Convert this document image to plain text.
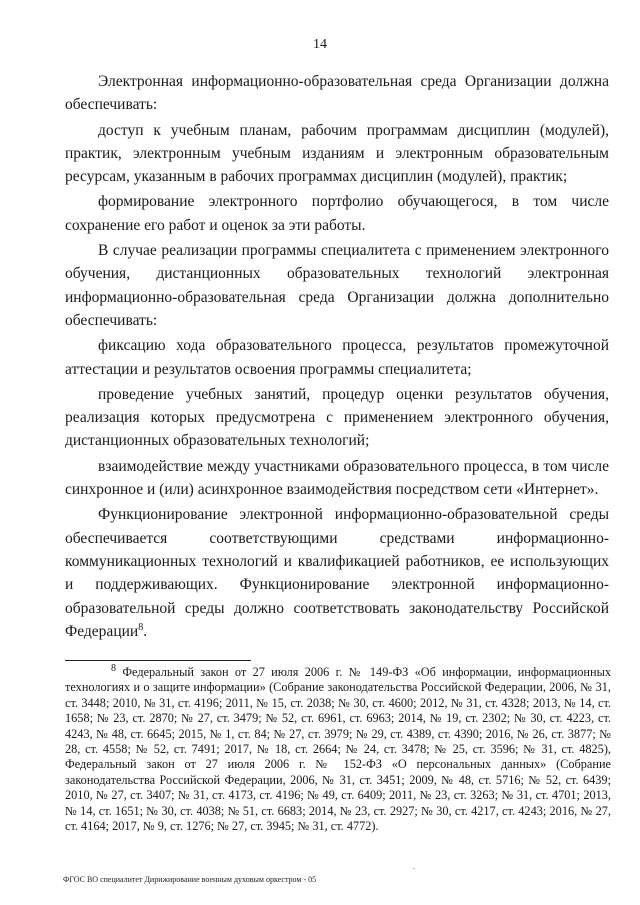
14

Электронная информационно-образовательная среда Организации должна обеспечивать:

доступ к учебным планам, рабочим программам дисциплин (модулей), практик, электронным учебным изданиям и электронным образовательным ресурсам, указанным в рабочих программах дисциплин (модулей), практик;

формирование электронного портфолио обучающегося, в том числе сохранение его работ и оценок за эти работы.

В случае реализации программы специалитета с применением электронного обучения, дистанционных образовательных технологий электронная информационно-образовательная среда Организации должна дополнительно обеспечивать:

фиксацию хода образовательного процесса, результатов промежуточной аттестации и результатов освоения программы специалитета;

проведение учебных занятий, процедур оценки результатов обучения, реализация которых предусмотрена с применением электронного обучения, дистанционных образовательных технологий;

взаимодействие между участниками образовательного процесса, в том числе синхронное и (или) асинхронное взаимодействия посредством сети «Интернет».

Функционирование электронной информационно-образовательной среды обеспечивается соответствующими средствами информационно-коммуникационных технологий и квалификацией работников, ее использующих и поддерживающих. Функционирование электронной информационно-образовательной среды должно соответствовать законодательству Российской Федерации$^8$.

$^8$ Федеральный закон от 27 июля 2006 г. № 149-ФЗ «Об информации, информационных технологиях и о защите информации» (Собрание законодательства Российской Федерации, 2006, № 31, ст. 3448; 2010, № 31, ст. 4196; 2011, № 15, ст. 2038; № 30, ст. 4600; 2012, № 31, ст. 4328; 2013, № 14, ст. 1658; № 23, ст. 2870; № 27, ст. 3479; № 52, ст. 6961, ст. 6963; 2014, № 19, ст. 2302; № 30, ст. 4223, ст. 4243, № 48, ст. 6645; 2015, № 1, ст. 84; № 27, ст. 3979; № 29, ст. 4389, ст. 4390; 2016, № 26, ст. 3877; № 28, ст. 4558; № 52, ст. 7491; 2017, № 18, ст. 2664; № 24, ст. 3478; № 25, ст. 3596; № 31, ст. 4825), Федеральный закон от 27 июля 2006 г. № 152-ФЗ «О персональных данных» (Собрание законодательства Российской Федерации, 2006, № 31, ст. 3451; 2009, № 48, ст. 5716; № 52, ст. 6439; 2010, № 27, ст. 3407; № 31, ст. 4173, ст. 4196; № 49, ст. 6409; 2011, № 23, ст. 3263; № 31, ст. 4701; 2013, № 14, ст. 1651; № 30, ст. 4038; № 51, ст. 6683; 2014, № 23, ст. 2927; № 30, ст. 4217, ст. 4243; 2016, № 27, ст. 4164; 2017, № 9, ст. 1276; № 27, ст. 3945; № 31, ст. 4772).
.
ФГОС ВО специалитет Дирижирование военным духовым оркестром - 05
